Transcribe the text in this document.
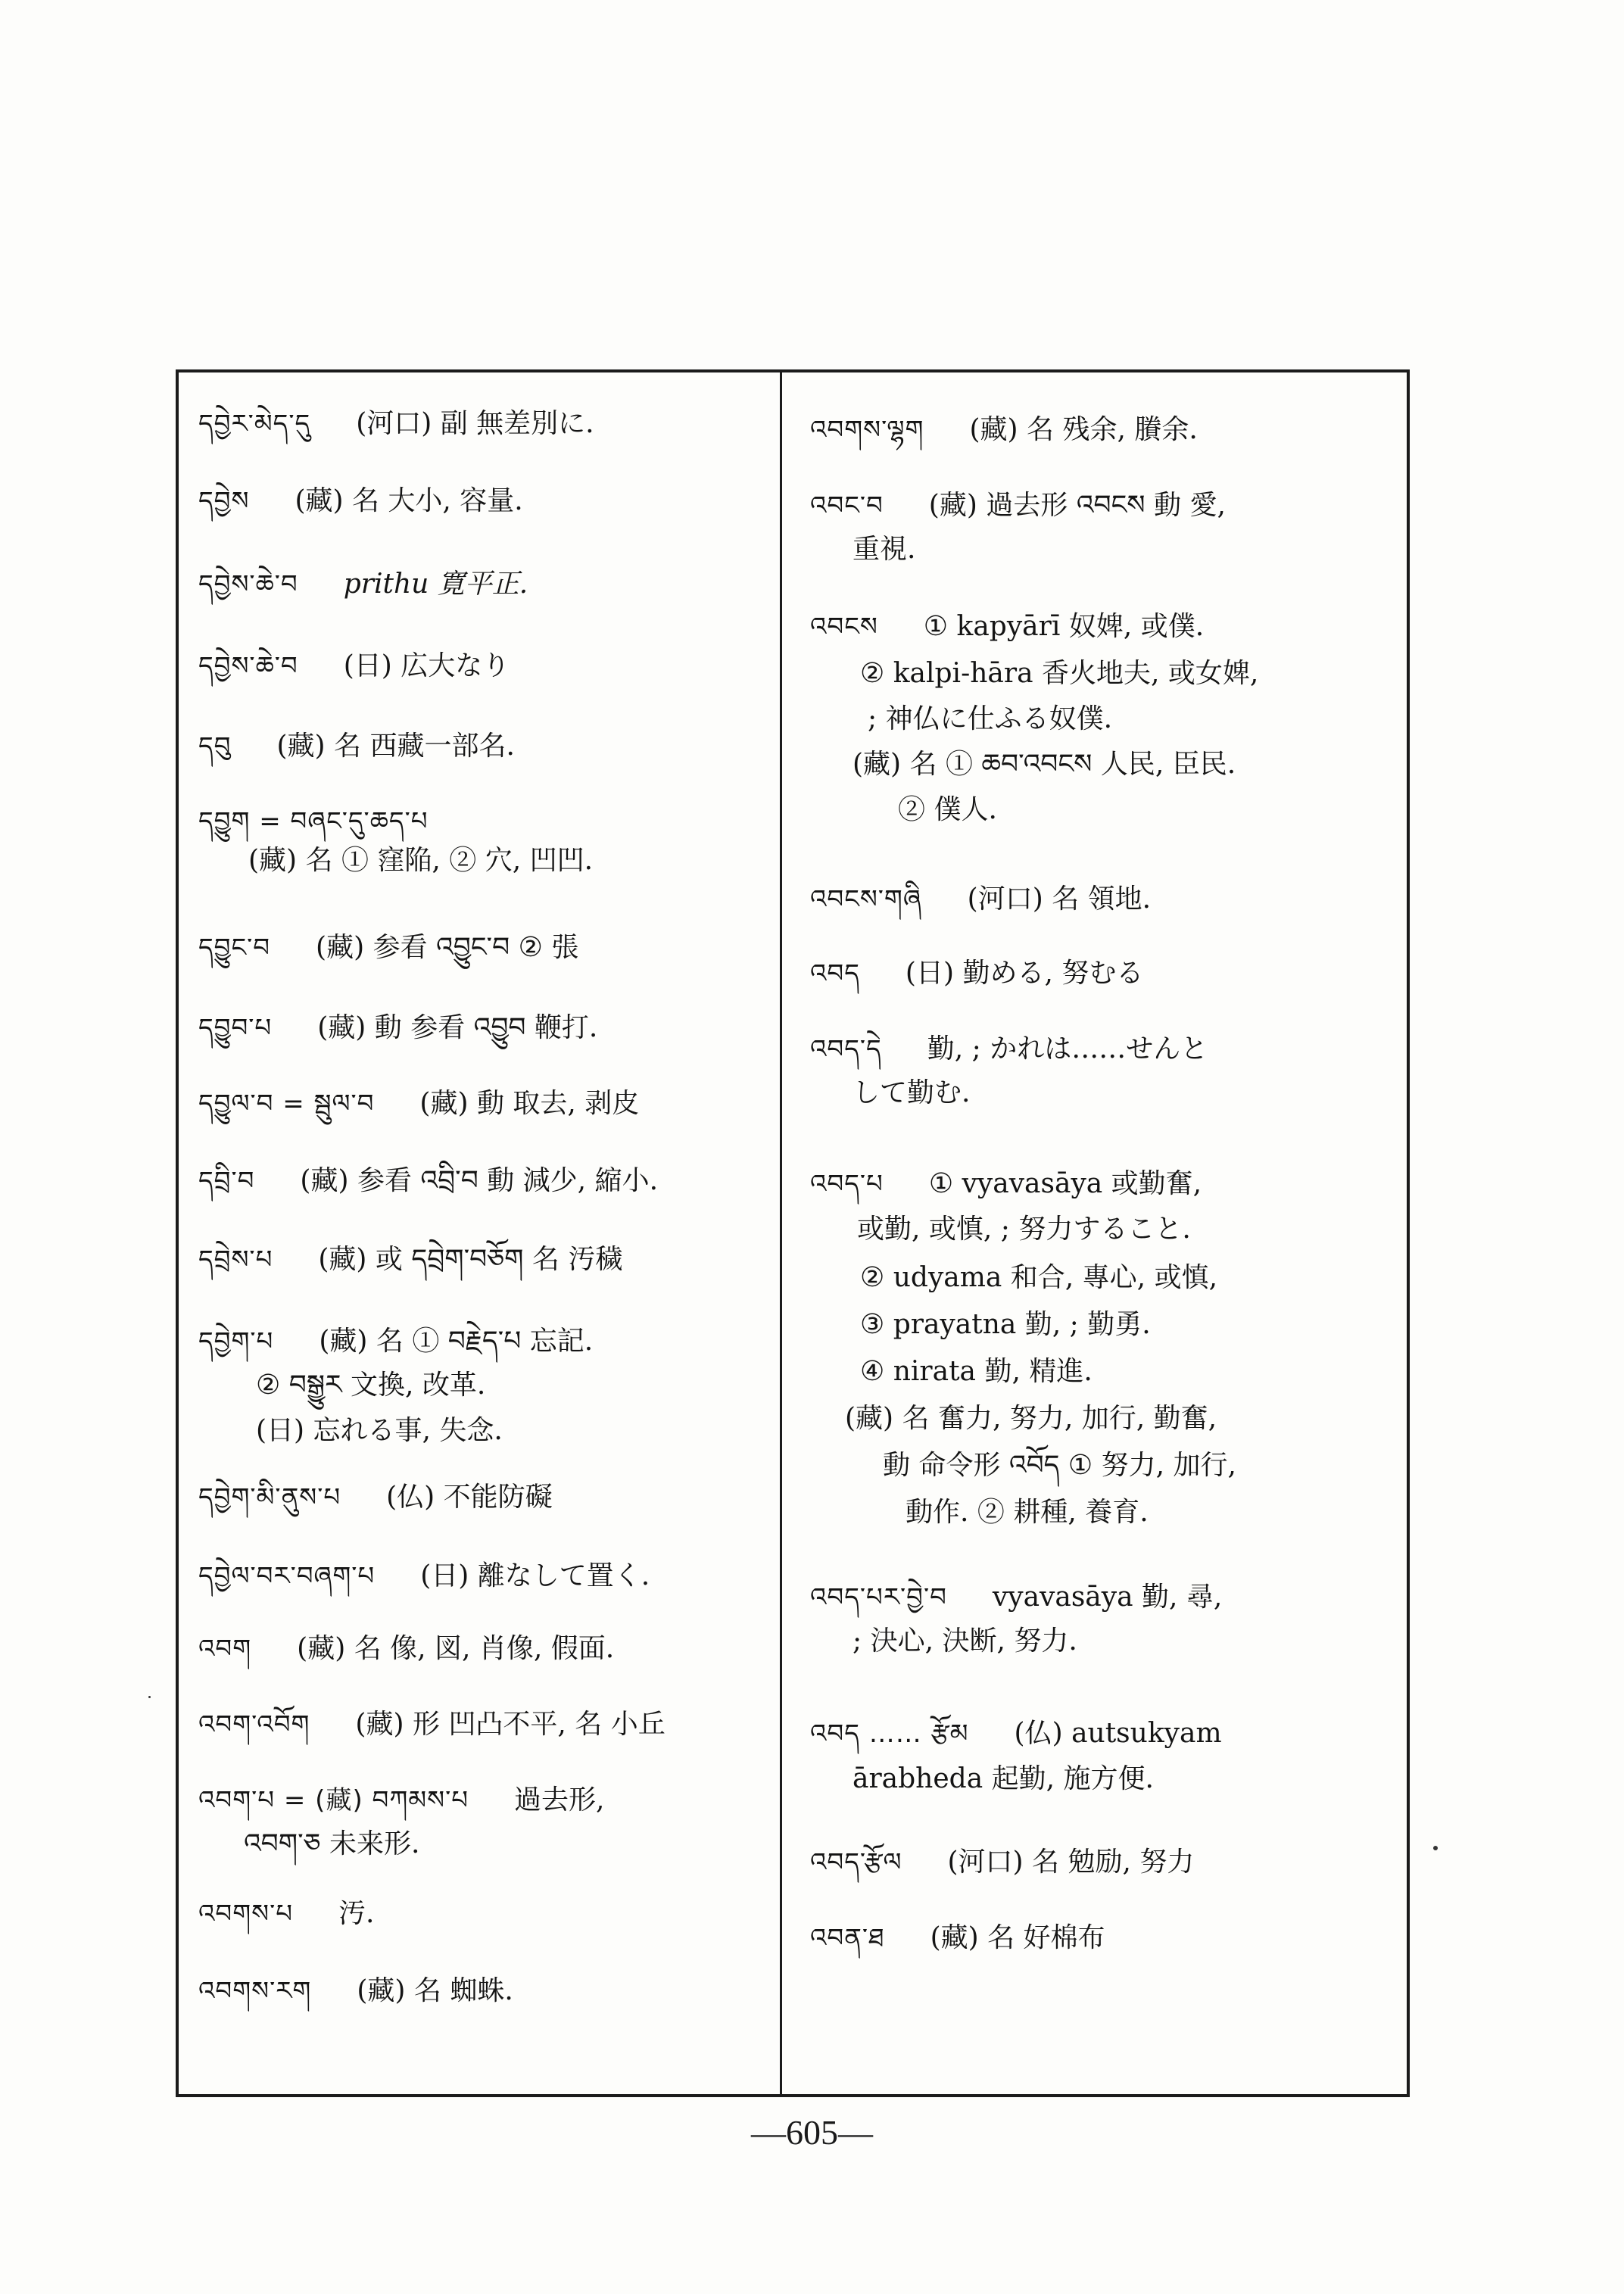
དབྱེར་མེད་དུ (河口) 副 無差別に.
དབྱེས (藏) 名 大小, 容量.
དབྱེས་ཆེ་བ prithu 寛平正.
དབྱེས་ཆེ་བ (日) 広大なり
དབུ (藏) 名 西藏一部名.
དབྱུག = བཞང་དུ་ཆད་པ
(藏) 名 ① 窪陥, ② 穴, 凹凹.
དབྱུང་བ (藏) 参看 འབྱུང་བ ② 張
དབྱུབ་པ (藏) 動 参看 འབྱུབ 鞭打.
དབྱུལ་བ = སྦུལ་བ (藏) 動 取去, 剥皮
དབྲི་བ (藏) 参看 འབྲི་བ 動 減少, 縮小.
དབྲེས་པ (藏) 或 དབྲེག་བཅོག 名 汚穢
དབྱེག་པ (藏) 名 ① བརྗེད་པ 忘記.
② བསྒྱུར 文換, 改革.
(日) 忘れる事, 失念.
དབྱེག་མི་ནུས་པ (仏) 不能防礙
དབྱེལ་བར་བཞག་པ (日) 離なして置く.
འབག (藏) 名 像, 図, 肖像, 假面.
འབག་འབོག (藏) 形 凹凸不平, 名 小丘
འབག་པ = (藏) བཀམས་པ 過去形,
འབག་ཅ 未来形.
འབགས་པ 汚.
འབགས་རག (藏) 名 蜘蛛.
འབགས་ལྷག (藏) 名 残余, 賸余.
འབང་བ (藏) 過去形 འབངས 動 愛,
重視.
འབངས ① kapyārī 奴婢, 或僕.
② kalpi-hāra 香火地夫, 或女婢,
; 神仏に仕ふる奴僕.
(藏) 名 ① ཆབ་འབངས 人民, 臣民.
② 僕人.
འབངས་གཞི (河口) 名 領地.
འབད (日) 勤める, 努むる
འབད་དེ 勤, ; かれは……せんと
して勤む.
འབད་པ ① vyavasāya 或勤奮,
或勤, 或慎, ; 努力すること.
② udyama 和合, 專心, 或慎,
③ prayatna 勤, ; 勤勇.
④ nirata 勤, 精進.
(藏) 名 奮力, 努力, 加行, 勤奮,
動 命令形 འབོད ① 努力, 加行,
動作. ② 耕種, 養育.
འབད་པར་བྱེ་བ vyavasāya 勤, 尋,
; 決心, 決断, 努力.
འབད …… རྩོམ (仏) autsukyam
ārabheda 起勤, 施方便.
འབད་རྩོལ (河口) 名 勉励, 努力
འབན་ཐ (藏) 名 好棉布
—605—
